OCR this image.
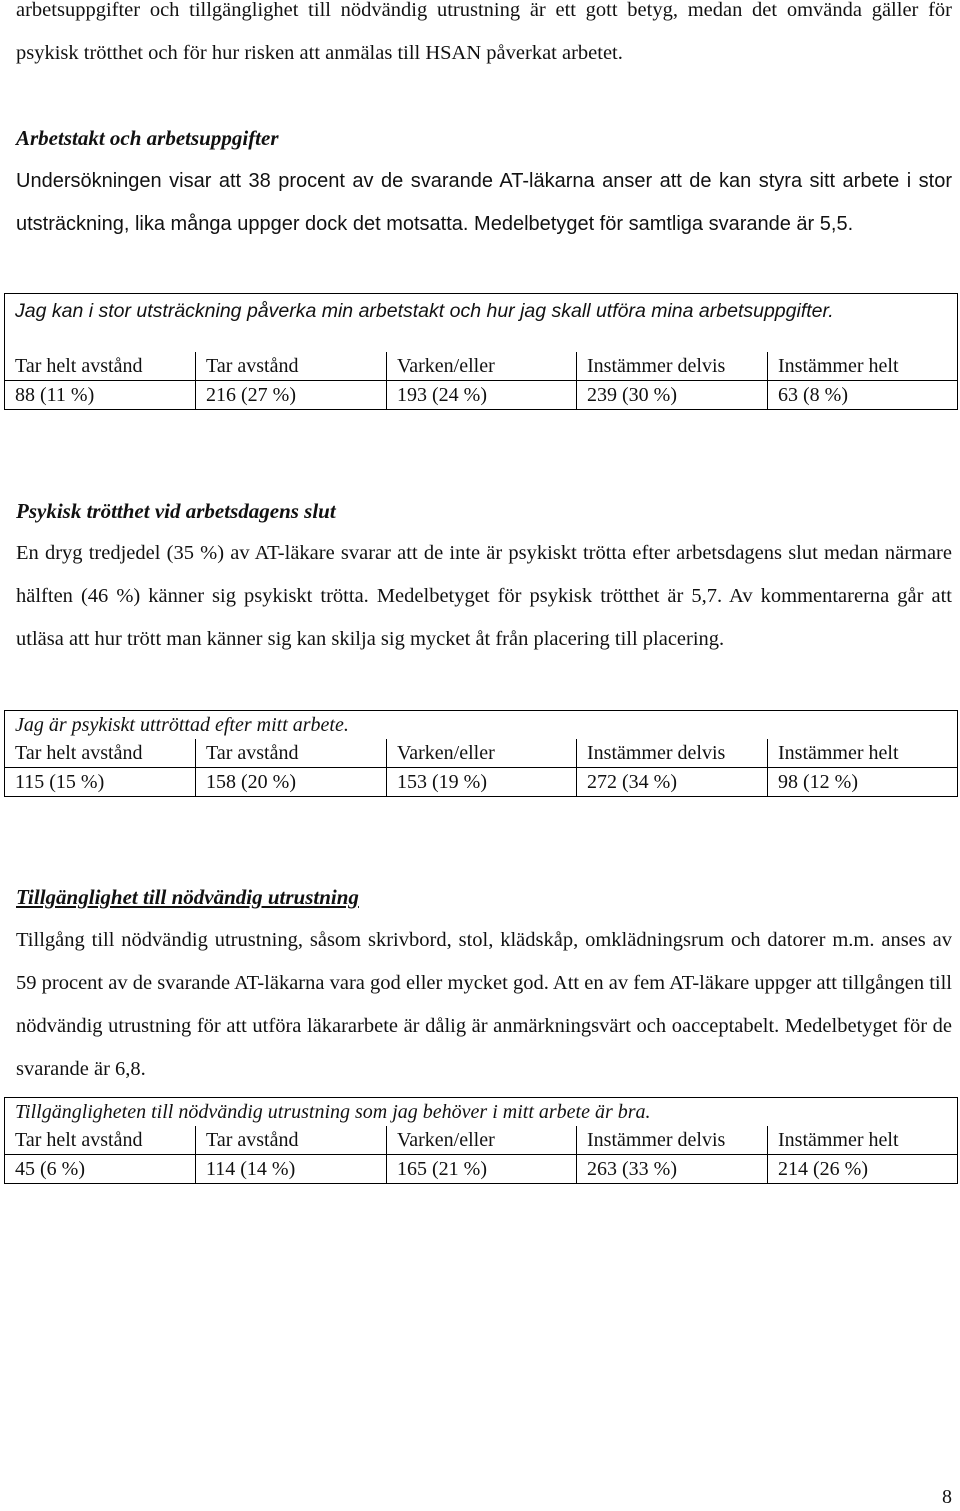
arbetsuppgifter och tillgänglighet till nödvändig utrustning är ett gott betyg, medan det omvända gäller för psykisk trötthet och för hur risken att anmälas till HSAN påverkat arbetet.

Arbetstakt och arbetsuppgifter

Undersökningen visar att 38 procent av de svarande AT-läkarna anser att de kan styra sitt arbete i stor utsträckning, lika många uppger dock det motsatta. Medelbetyget för samtliga svarande är 5,5.

Jag kan i stor utsträckning påverka min arbetstakt och hur jag skall utföra mina arbetsuppgifter.				
Tar helt avstånd	Tar avstånd	Varken/eller	Instämmer delvis	Instämmer helt
88 (11 %)	216 (27 %)	193 (24 %)	239 (30 %)	63 (8 %)

Psykisk trötthet vid arbetsdagens slut

En dryg tredjedel (35 %) av AT-läkare svarar att de inte är psykiskt trötta efter arbetsdagens slut medan närmare hälften (46 %) känner sig psykiskt trötta. Medelbetyget för psykisk trötthet är 5,7. Av kommentarerna går att utläsa att hur trött man känner sig kan skilja sig mycket åt från placering till placering.

Jag är psykiskt uttröttad efter mitt arbete.				
Tar helt avstånd	Tar avstånd	Varken/eller	Instämmer delvis	Instämmer helt
115 (15 %)	158 (20 %)	153 (19 %)	272 (34 %)	98 (12 %)

Tillgänglighet till nödvändig utrustning

Tillgång till nödvändig utrustning, såsom skrivbord, stol, klädskåp, omklädningsrum och datorer m.m. anses av 59 procent av de svarande AT-läkarna vara god eller mycket god. Att en av fem AT-läkare uppger att tillgången till nödvändig utrustning för att utföra läkararbete är dålig är anmärkningsvärt och oacceptabelt. Medelbetyget för de svarande är 6,8.

Tillgängligheten till nödvändig utrustning som jag behöver i mitt arbete är bra.				
Tar helt avstånd	Tar avstånd	Varken/eller	Instämmer delvis	Instämmer helt
45 (6 %)	114 (14 %)	165 (21 %)	263 (33 %)	214 (26 %)
8
